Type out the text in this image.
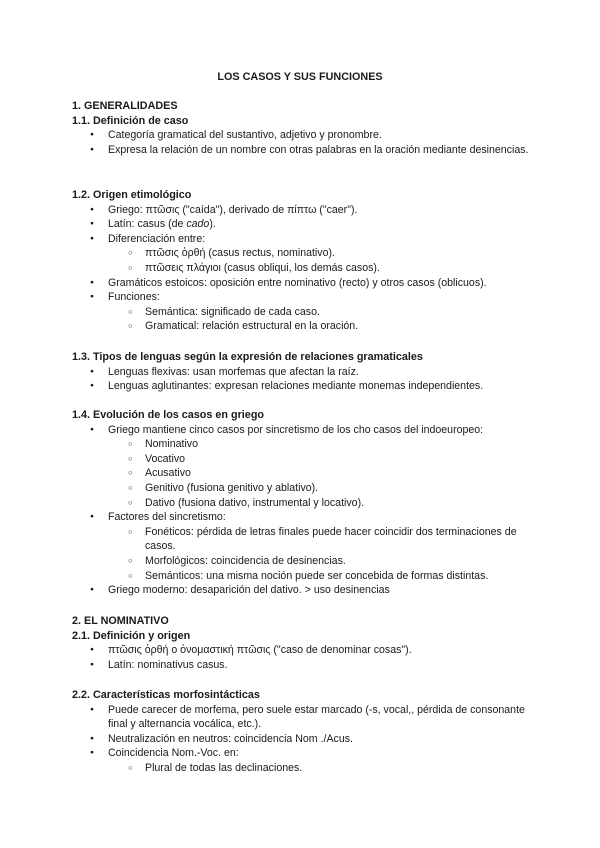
LOS CASOS Y SUS FUNCIONES

1. GENERALIDADES

1.1. Definición de caso

● Categoría gramatical del sustantivo, adjetivo y pronombre.
● Expresa la relación de un nombre con otras palabras en la oración mediante desinencias.

1.2. Origen etimológico

● Griego: πτῶσις ("caída"), derivado de πίπτω ("caer").
● Latín: casus (de cado).
● Diferenciación entre:
○ πτῶσις ὀρθή (casus rectus, nominativo).
○ πτῶσεις πλάγιοι (casus obliqui, los demás casos).
● Gramáticos estoicos: oposición entre nominativo (recto) y otros casos (oblicuos).
● Funciones:
○ Semántica: significado de cada caso.
○ Gramatical: relación estructural en la oración.

1.3. Tipos de lenguas según la expresión de relaciones gramaticales

● Lenguas flexivas: usan morfemas que afectan la raíz.
● Lenguas aglutinantes: expresan relaciones mediante monemas independientes.

1.4. Evolución de los casos en griego

● Griego mantiene cinco casos por sincretismo de los cho casos del indoeuropeo:
○ Nominativo
○ Vocativo
○ Acusativo
○ Genitivo (fusiona genitivo y ablativo).
○ Dativo (fusiona dativo, instrumental y locativo).
● Factores del sincretismo:
○ Fonéticos: pérdida de letras finales puede hacer coincidir dos terminaciones de casos.
○ Morfológicos: coincidencia de desinencias.
○ Semánticos: una misma noción puede ser concebida de formas distintas.
● Griego moderno: desaparición del dativo. > uso desinencias

2. EL NOMINATIVO

2.1. Definición y origen

● πτῶσις ὀρθή o ὀνομαστική πτῶσις ("caso de denominar cosas").
● Latín: nominativus casus.

2.2. Características morfosintácticas

● Puede carecer de morfema, pero suele estar marcado (-s, vocal,, pérdida de consonante final y alternancia vocálica, etc.).
● Neutralización en neutros: coincidencia Nom ./Acus.
● Coincidencia Nom.-Voc. en:
○ Plural de todas las declinaciones.
